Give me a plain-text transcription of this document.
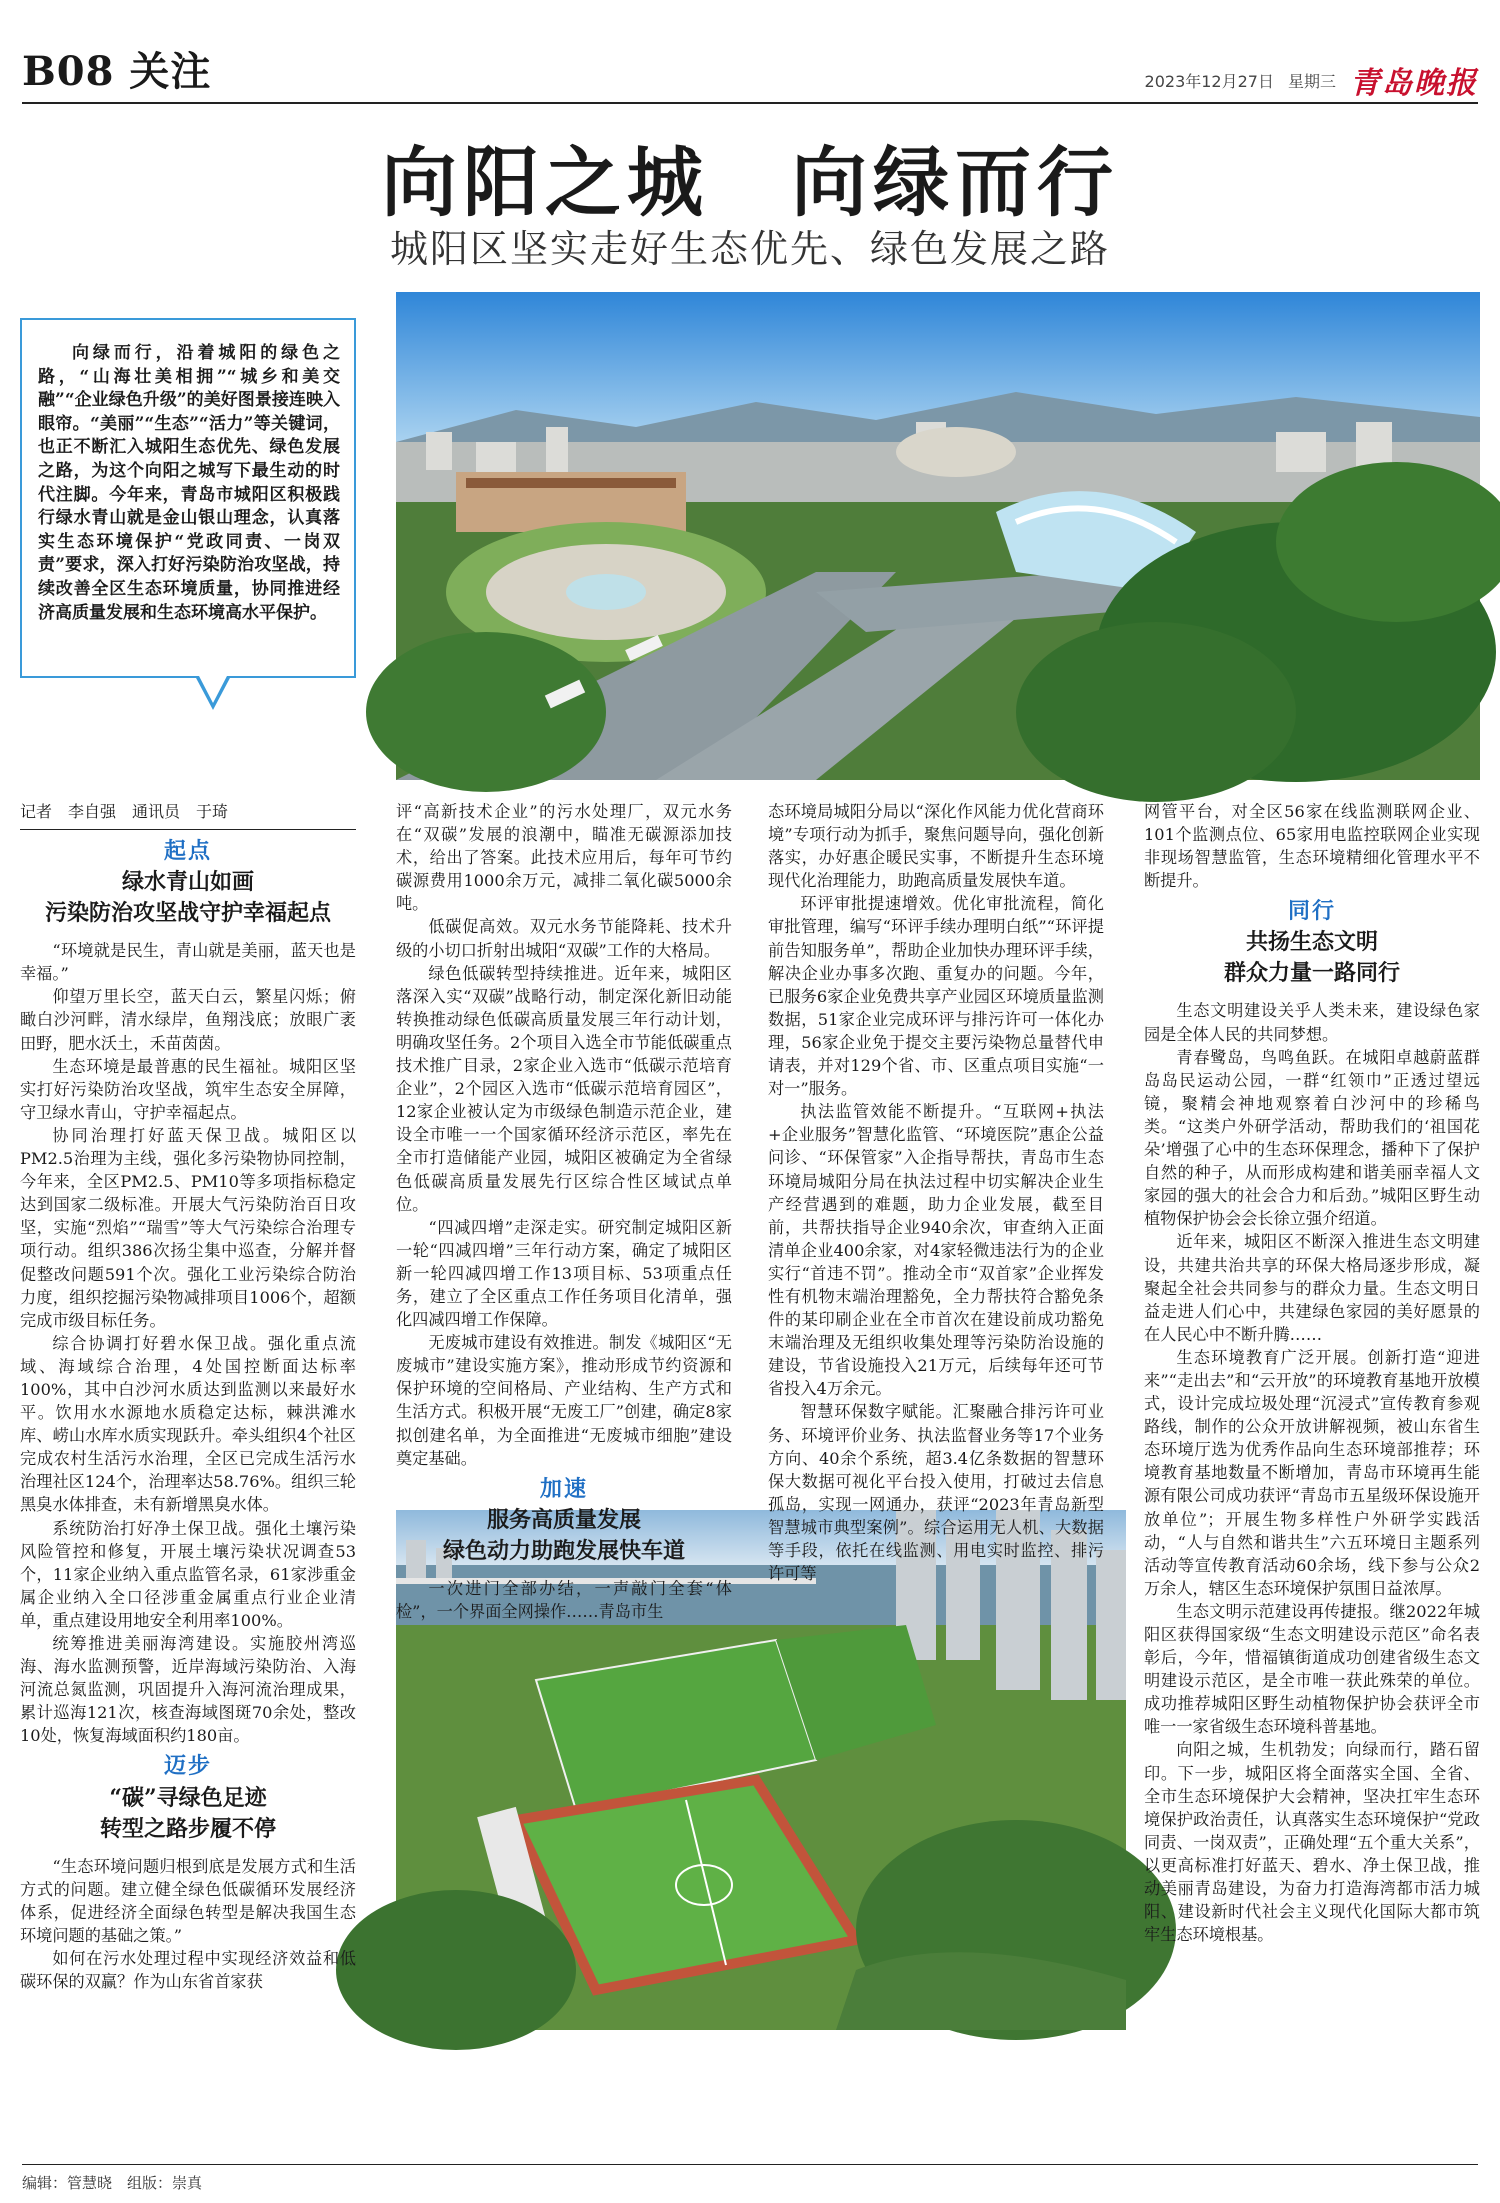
B08 关注	2023年12月27日 星期三 青岛晚报
向阳之城　向绿而行
城阳区坚实走好生态优先、绿色发展之路
向绿而行，沿着城阳的绿色之路，“山海壮美相拥”“城乡和美交融”“企业绿色升级”的美好图景接连映入眼帘。“美丽”“生态”“活力”等关键词，也正不断汇入城阳生态优先、绿色发展之路，为这个向阳之城写下最生动的时代注脚。今年来，青岛市城阳区积极践行绿水青山就是金山银山理念，认真落实生态环境保护“党政同责、一岗双责”要求，深入打好污染防治攻坚战，持续改善全区生态环境质量，协同推进经济高质量发展和生态环境高水平保护。

记者　李自强　通讯员　于琦

起点

绿水青山如画
污染防治攻坚战守护幸福起点

“环境就是民生，青山就是美丽，蓝天也是幸福。”

仰望万里长空，蓝天白云，繁星闪烁；俯瞰白沙河畔，清水绿岸，鱼翔浅底；放眼广袤田野，肥水沃土，禾苗茵茵。

生态环境是最普惠的民生福祉。城阳区坚实打好污染防治攻坚战，筑牢生态安全屏障，守卫绿水青山，守护幸福起点。

协同治理打好蓝天保卫战。城阳区以PM2.5治理为主线，强化多污染物协同控制，今年来，全区PM2.5、PM10等多项指标稳定达到国家二级标准。开展大气污染防治百日攻坚，实施“烈焰”“瑞雪”等大气污染综合治理专项行动。组织386次扬尘集中巡查，分解并督促整改问题591个次。强化工业污染综合防治力度，组织挖掘污染物减排项目1006个，超额完成市级目标任务。

综合协调打好碧水保卫战。强化重点流域、海域综合治理，4处国控断面达标率100%，其中白沙河水质达到监测以来最好水平。饮用水水源地水质稳定达标，棘洪滩水库、崂山水库水质实现跃升。牵头组织4个社区完成农村生活污水治理，全区已完成生活污水治理社区124个，治理率达58.76%。组织三轮黑臭水体排查，未有新增黑臭水体。

系统防治打好净土保卫战。强化土壤污染风险管控和修复，开展土壤污染状况调查53个，11家企业纳入重点监管名录，61家涉重金属企业纳入全口径涉重金属重点行业企业清单，重点建设用地安全利用率100%。

统筹推进美丽海湾建设。实施胶州湾巡海、海水监测预警，近岸海域污染防治、入海河流总氮监测，巩固提升入海河流治理成果，累计巡海121次，核查海域图斑70余处，整改10处，恢复海域面积约180亩。

迈步

“碳”寻绿色足迹
转型之路步履不停

“生态环境问题归根到底是发展方式和生活方式的问题。建立健全绿色低碳循环发展经济体系，促进经济全面绿色转型是解决我国生态环境问题的基础之策。”

如何在污水处理过程中实现经济效益和低碳环保的双赢？作为山东省首家获

评“高新技术企业”的污水处理厂，双元水务在“双碳”发展的浪潮中，瞄准无碳源添加技术，给出了答案。此技术应用后，每年可节约碳源费用1000余万元，减排二氧化碳5000余吨。

低碳促高效。双元水务节能降耗、技术升级的小切口折射出城阳“双碳”工作的大格局。

绿色低碳转型持续推进。近年来，城阳区落深入实“双碳”战略行动，制定深化新旧动能转换推动绿色低碳高质量发展三年行动计划，明确攻坚任务。2个项目入选全市节能低碳重点技术推广目录，2家企业入选市“低碳示范培育企业”，2个园区入选市“低碳示范培育园区”，12家企业被认定为市级绿色制造示范企业，建设全市唯一一个国家循环经济示范区，率先在全市打造储能产业园，城阳区被确定为全省绿色低碳高质量发展先行区综合性区域试点单位。

“四减四增”走深走实。研究制定城阳区新一轮“四减四增”三年行动方案，确定了城阳区新一轮四减四增工作13项目标、53项重点任务，建立了全区重点工作任务项目化清单，强化四减四增工作保障。

无废城市建设有效推进。制发《城阳区“无废城市”建设实施方案》，推动形成节约资源和保护环境的空间格局、产业结构、生产方式和生活方式。积极开展“无废工厂”创建，确定8家拟创建名单，为全面推进“无废城市细胞”建设奠定基础。

加速

服务高质量发展
绿色动力助跑发展快车道

一次进门全部办结，一声敲门全套“体检”，一个界面全网操作……青岛市生

态环境局城阳分局以“深化作风能力优化营商环境”专项行动为抓手，聚焦问题导向，强化创新落实，办好惠企暖民实事，不断提升生态环境现代化治理能力，助跑高质量发展快车道。

环评审批提速增效。优化审批流程，简化审批管理，编写“环评手续办理明白纸”“环评提前告知服务单”，帮助企业加快办理环评手续，解决企业办事多次跑、重复办的问题。今年，已服务6家企业免费共享产业园区环境质量监测数据，51家企业完成环评与排污许可一体化办理，56家企业免于提交主要污染物总量替代申请表，并对129个省、市、区重点项目实施“一对一”服务。

执法监管效能不断提升。“互联网+执法+企业服务”智慧化监管、“环境医院”惠企公益问诊、“环保管家”入企指导帮扶，青岛市生态环境局城阳分局在执法过程中切实解决企业生产经营遇到的难题，助力企业发展，截至目前，共帮扶指导企业940余次，审查纳入正面清单企业400余家，对4家轻微违法行为的企业实行“首违不罚”。推动全市“双首家”企业挥发性有机物末端治理豁免，全力帮扶符合豁免条件的某印刷企业在全市首次在建设前成功豁免末端治理及无组织收集处理等污染防治设施的建设，节省设施投入21万元，后续每年还可节省投入4万余元。

智慧环保数字赋能。汇聚融合排污许可业务、环境评价业务、执法监督业务等17个业务方向、40余个系统，超3.4亿条数据的智慧环保大数据可视化平台投入使用，打破过去信息孤岛，实现一网通办，获评“2023年青岛新型智慧城市典型案例”。综合运用无人机、大数据等手段，依托在线监测、用电实时监控、排污许可等

网管平台，对全区56家在线监测联网企业、101个监测点位、65家用电监控联网企业实现非现场智慧监管，生态环境精细化管理水平不断提升。

同行

共扬生态文明
群众力量一路同行

生态文明建设关乎人类未来，建设绿色家园是全体人民的共同梦想。

青春鹭岛，鸟鸣鱼跃。在城阳卓越蔚蓝群岛岛民运动公园，一群“红领巾”正透过望远镜，聚精会神地观察着白沙河中的珍稀鸟类。“这类户外研学活动，帮助我们的‘祖国花朵’增强了心中的生态环保理念，播种下了保护自然的种子，从而形成构建和谐美丽幸福人文家园的强大的社会合力和后劲。”城阳区野生动植物保护协会会长徐立强介绍道。

近年来，城阳区不断深入推进生态文明建设，共建共治共享的环保大格局逐步形成，凝聚起全社会共同参与的群众力量。生态文明日益走进人们心中，共建绿色家园的美好愿景的在人民心中不断升腾……

生态环境教育广泛开展。创新打造“迎进来”“走出去”和“云开放”的环境教育基地开放模式，设计完成垃圾处理“沉浸式”宣传教育参观路线，制作的公众开放讲解视频，被山东省生态环境厅选为优秀作品向生态环境部推荐；环境教育基地数量不断增加，青岛市环境再生能源有限公司成功获评“青岛市五星级环保设施开放单位”；开展生物多样性户外研学实践活动，“人与自然和谐共生”六五环境日主题系列活动等宣传教育活动60余场，线下参与公众2万余人，辖区生态环境保护氛围日益浓厚。

生态文明示范建设再传捷报。继2022年城阳区获得国家级“生态文明建设示范区”命名表彰后，今年，惜福镇街道成功创建省级生态文明建设示范区，是全市唯一获此殊荣的单位。成功推荐城阳区野生动植物保护协会获评全市唯一一家省级生态环境科普基地。

向阳之城，生机勃发；向绿而行，踏石留印。下一步，城阳区将全面落实全国、全省、全市生态环境保护大会精神，坚决扛牢生态环境保护政治责任，认真落实生态环境保护“党政同责、一岗双责”，正确处理“五个重大关系”，以更高标准打好蓝天、碧水、净土保卫战，推动美丽青岛建设，为奋力打造海湾都市活力城阳、建设新时代社会主义现代化国际大都市筑牢生态环境根基。

编辑：管慧晓　组版：崇真
